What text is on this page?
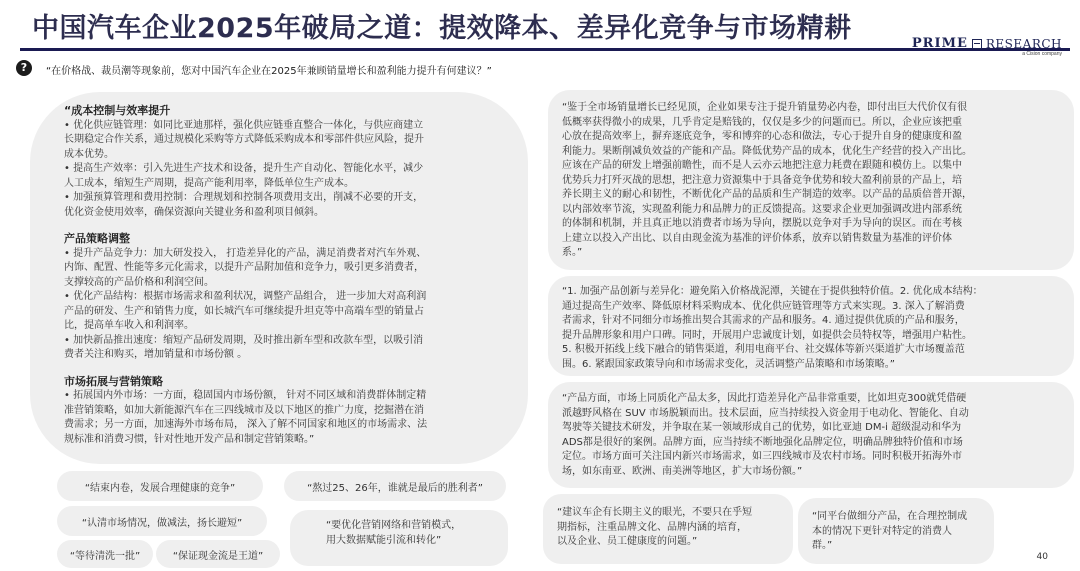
中国汽车企业2025年破局之道：提效降本、差异化竞争与市场精耕	PRIME RESEARCH
a Cision company
?	“在价格战、裁员潮等现象前，您对中国汽车企业在2025年兼顾销量增长和盈利能力提升有何建议？”
“成本控制与效率提升

• 优化供应链管理：如同比亚迪那样，强化供应链垂直整合一体化，与供应商建立

长期稳定合作关系，通过规模化采购等方式降低采购成本和零部件供应风险，提升

成本优势。

• 提高生产效率：引入先进生产技术和设备，提升生产自动化、智能化水平，减少

人工成本，缩短生产周期，提高产能利用率，降低单位生产成本。

• 加强预算管理和费用控制：合理规划和控制各项费用支出，削减不必要的开支，

优化资金使用效率，确保资源向关键业务和盈利项目倾斜。

产品策略调整

• 提升产品竞争力：加大研发投入， 打造差异化的产品，满足消费者对汽车外观、

内饰、配置、性能等多元化需求，以提升产品附加值和竞争力，吸引更多消费者，

支撑较高的产品价格和利润空间。

• 优化产品结构：根据市场需求和盈利状况，调整产品组合， 进一步加大对高利润

产品的研发、生产和销售力度，如长城汽车可继续提升坦克等中高端车型的销量占

比，提高单车收入和利润率。

• 加快新品推出速度：缩短产品研发周期，及时推出新车型和改款车型，以吸引消

费者关注和购买，增加销量和市场份额 。

市场拓展与营销策略

• 拓展国内外市场：一方面，稳固国内市场份额， 针对不同区域和消费群体制定精

准营销策略，如加大新能源汽车在三四线城市及以下地区的推广力度，挖掘潜在消

费需求；另一方面，加速海外市场布局， 深入了解不同国家和地区的市场需求、法

规标准和消费习惯，针对性地开发产品和制定营销策略。”

“结束内卷，发展合理健康的竞争”	“熬过25、26年，谁就是最后的胜利者”
“认清市场情况，做减法，扬长避短”
“等待清洗一批”	“保证现金流是王道”

“要优化营销网络和营销模式，

用大数据赋能引流和转化”

“鉴于全市场销量增长已经见顶，企业如果专注于提升销量势必内卷，即付出巨大代价仅有很

低概率获得微小的成果，几乎肯定是赔钱的，仅仅是多少的问题而已。所以，企业应该把重

心放在提高效率上，摒弃逐底竞争，零和博弈的心态和做法，专心于提升自身的健康度和盈

利能力。果断削减负效益的产能和产品。降低优势产品的成本，优化生产经营的投入产出比。

应该在产品的研发上增强前瞻性，而不是人云亦云地把注意力耗费在跟随和模仿上。以集中

优势兵力打歼灭战的思想，把注意力资源集中于具备竞争优势和较大盈利前景的产品上，培

养长期主义的耐心和韧性，不断优化产品的品质和生产制造的效率。以产品的品质倍普开源，

以内部效率节流，实现盈利能力和品牌力的正反馈提高。这要求企业更加强调改进内部系统

的体制和机制，并且真正地以消费者市场为导向，摆脱以竞争对手为导向的误区。而在考核

上建立以投入产出比、以自由现金流为基准的评价体系，放弃以销售数量为基准的评价体

系。”

“1. 加强产品创新与差异化：避免陷入价格战泥潭，关键在于提供独特价值。2. 优化成本结构：

通过提高生产效率、降低原材料采购成本、优化供应链管理等方式来实现。3. 深入了解消费

者需求，针对不同细分市场推出契合其需求的产品和服务。4. 通过提供优质的产品和服务，

提升品牌形象和用户口碑。同时，开展用户忠诚度计划，如提供会员特权等，增强用户粘性。

5. 积极开拓线上线下融合的销售渠道，利用电商平台、社交媒体等新兴渠道扩大市场覆盖范

围。6. 紧跟国家政策导向和市场需求变化，灵活调整产品策略和市场策略。”

“产品方面，市场上同质化产品太多，因此打造差异化产品非常重要，比如坦克300就凭借硬

派越野风格在 SUV 市场脱颖而出。技术层面，应当持续投入资金用于电动化、智能化、自动

驾驶等关键技术研发，并争取在某一领域形成自己的优势，如比亚迪 DM-i 超级混动和华为

ADS都是很好的案例。品牌方面，应当持续不断地强化品牌定位，明确品牌独特价值和市场

定位。市场方面可关注国内新兴市场需求，如三四线城市及农村市场。同时积极开拓海外市

场，如东南亚、欧洲、南美洲等地区，扩大市场份额。”

“建议车企有长期主义的眼光，不要只在乎短

期指标，注重品牌文化、品牌内涵的培育，

以及企业、员工健康度的问题。”

“同平台做细分产品，在合理控制成

本的情况下更针对特定的消费人

群。”

40
